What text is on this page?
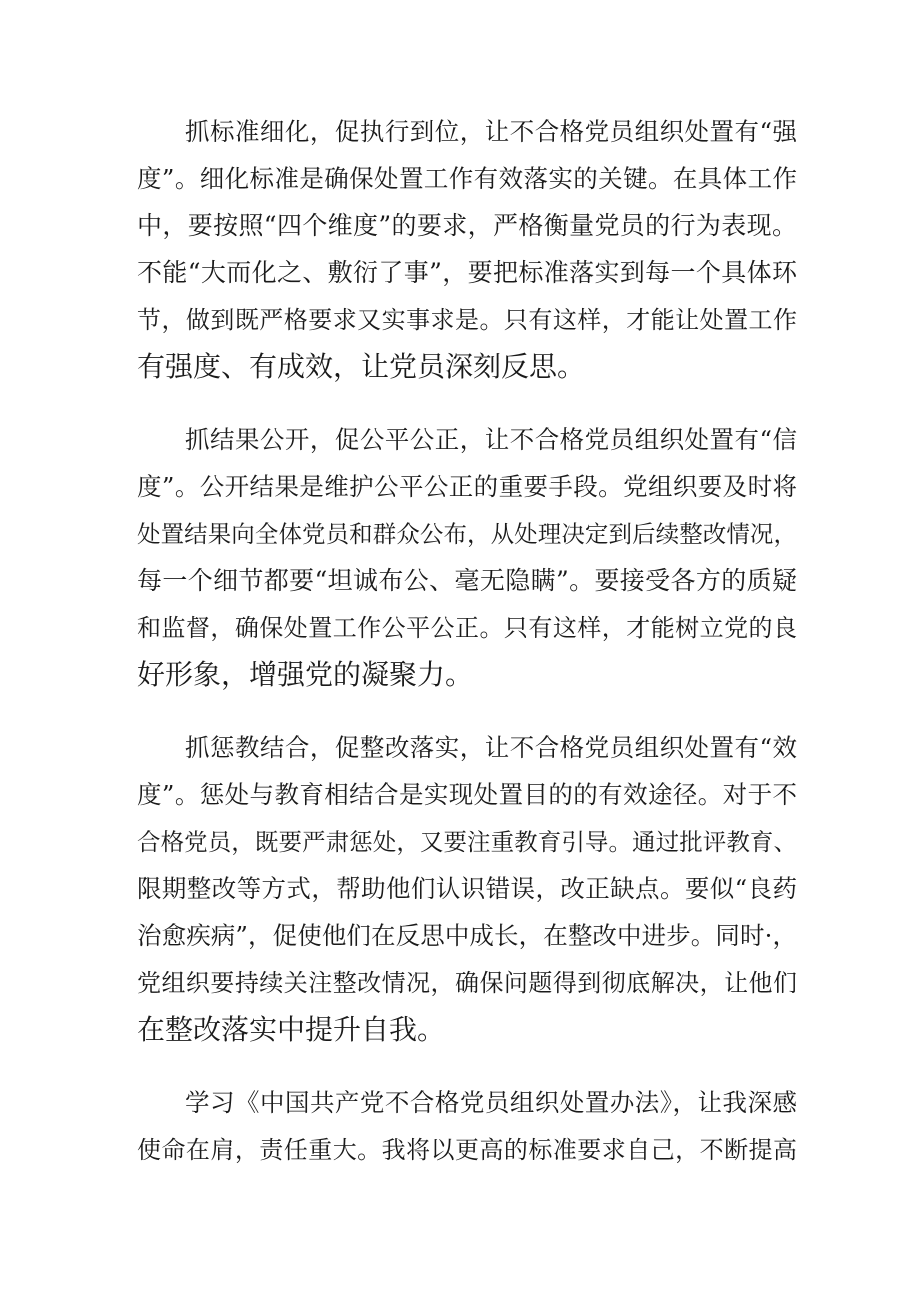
抓标准细化，促执行到位，让不合格党员组织处置有“强
度”。细化标准是确保处置工作有效落实的关键。在具体工作
中，要按照“四个维度”的要求，严格衡量党员的行为表现。
不能“大而化之、敷衍了事”，要把标准落实到每一个具体环
节，做到既严格要求又实事求是。只有这样，才能让处置工作
有强度、有成效，让党员深刻反思。
抓结果公开，促公平公正，让不合格党员组织处置有“信
度”。公开结果是维护公平公正的重要手段。党组织要及时将
处置结果向全体党员和群众公布，从处理决定到后续整改情况，
每一个细节都要“坦诚布公、毫无隐瞒”。要接受各方的质疑
和监督，确保处置工作公平公正。只有这样，才能树立党的良
好形象，增强党的凝聚力。
抓惩教结合，促整改落实，让不合格党员组织处置有“效
度”。惩处与教育相结合是实现处置目的的有效途径。对于不
合格党员，既要严肃惩处，又要注重教育引导。通过批评教育、
限期整改等方式，帮助他们认识错误，改正缺点。要似“良药
治愈疾病”，促使他们在反思中成长，在整改中进步。同时·，
党组织要持续关注整改情况，确保问题得到彻底解决，让他们
在整改落实中提升自我。
学习《中国共产党不合格党员组织处置办法》，让我深感
使命在肩，责任重大。我将以更高的标准要求自己，不断提高
